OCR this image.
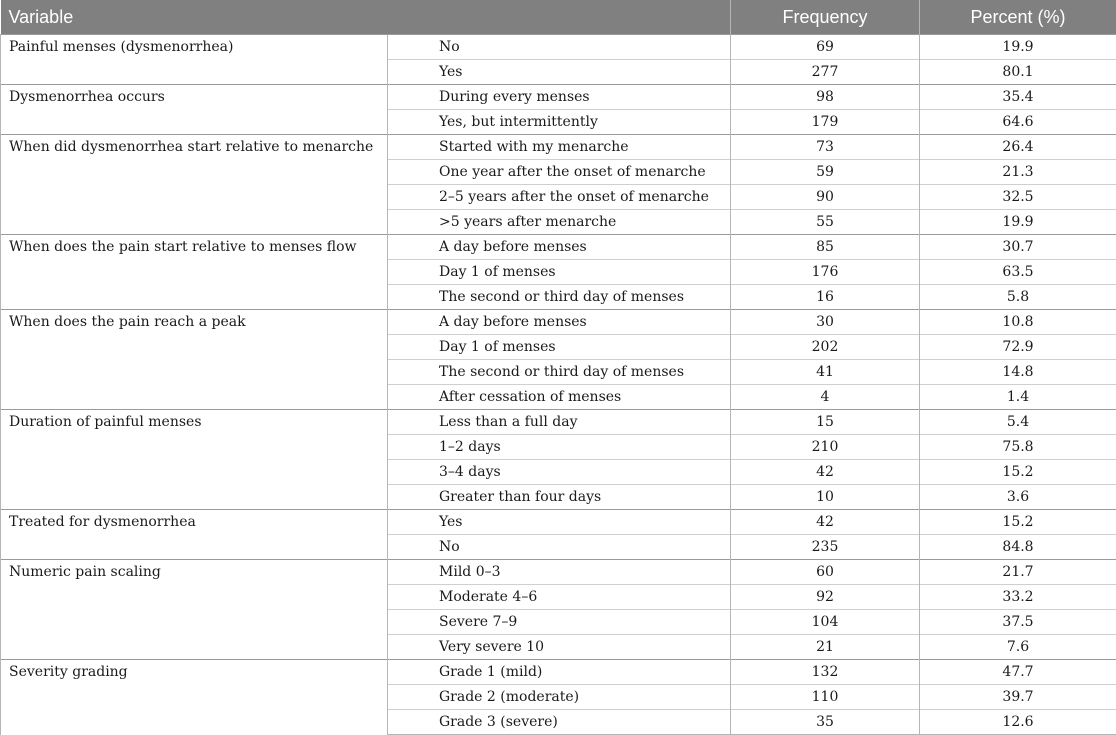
Variable		Frequency	Percent (%)
Painful menses (dysmenorrhea)	No	69	19.9
	Yes	277	80.1
Dysmenorrhea occurs	During every menses	98	35.4
	Yes, but intermittently	179	64.6
When did dysmenorrhea start relative to menarche	Started with my menarche	73	26.4
	One year after the onset of menarche	59	21.3
	2–5 years after the onset of menarche	90	32.5
	>5 years after menarche	55	19.9
When does the pain start relative to menses flow	A day before menses	85	30.7
	Day 1 of menses	176	63.5
	The second or third day of menses	16	5.8
When does the pain reach a peak	A day before menses	30	10.8
	Day 1 of menses	202	72.9
	The second or third day of menses	41	14.8
	After cessation of menses	4	1.4
Duration of painful menses	Less than a full day	15	5.4
	1–2 days	210	75.8
	3–4 days	42	15.2
	Greater than four days	10	3.6
Treated for dysmenorrhea	Yes	42	15.2
	No	235	84.8
Numeric pain scaling	Mild 0–3	60	21.7
	Moderate 4–6	92	33.2
	Severe 7–9	104	37.5
	Very severe 10	21	7.6
Severity grading	Grade 1 (mild)	132	47.7
	Grade 2 (moderate)	110	39.7
	Grade 3 (severe)	35	12.6
